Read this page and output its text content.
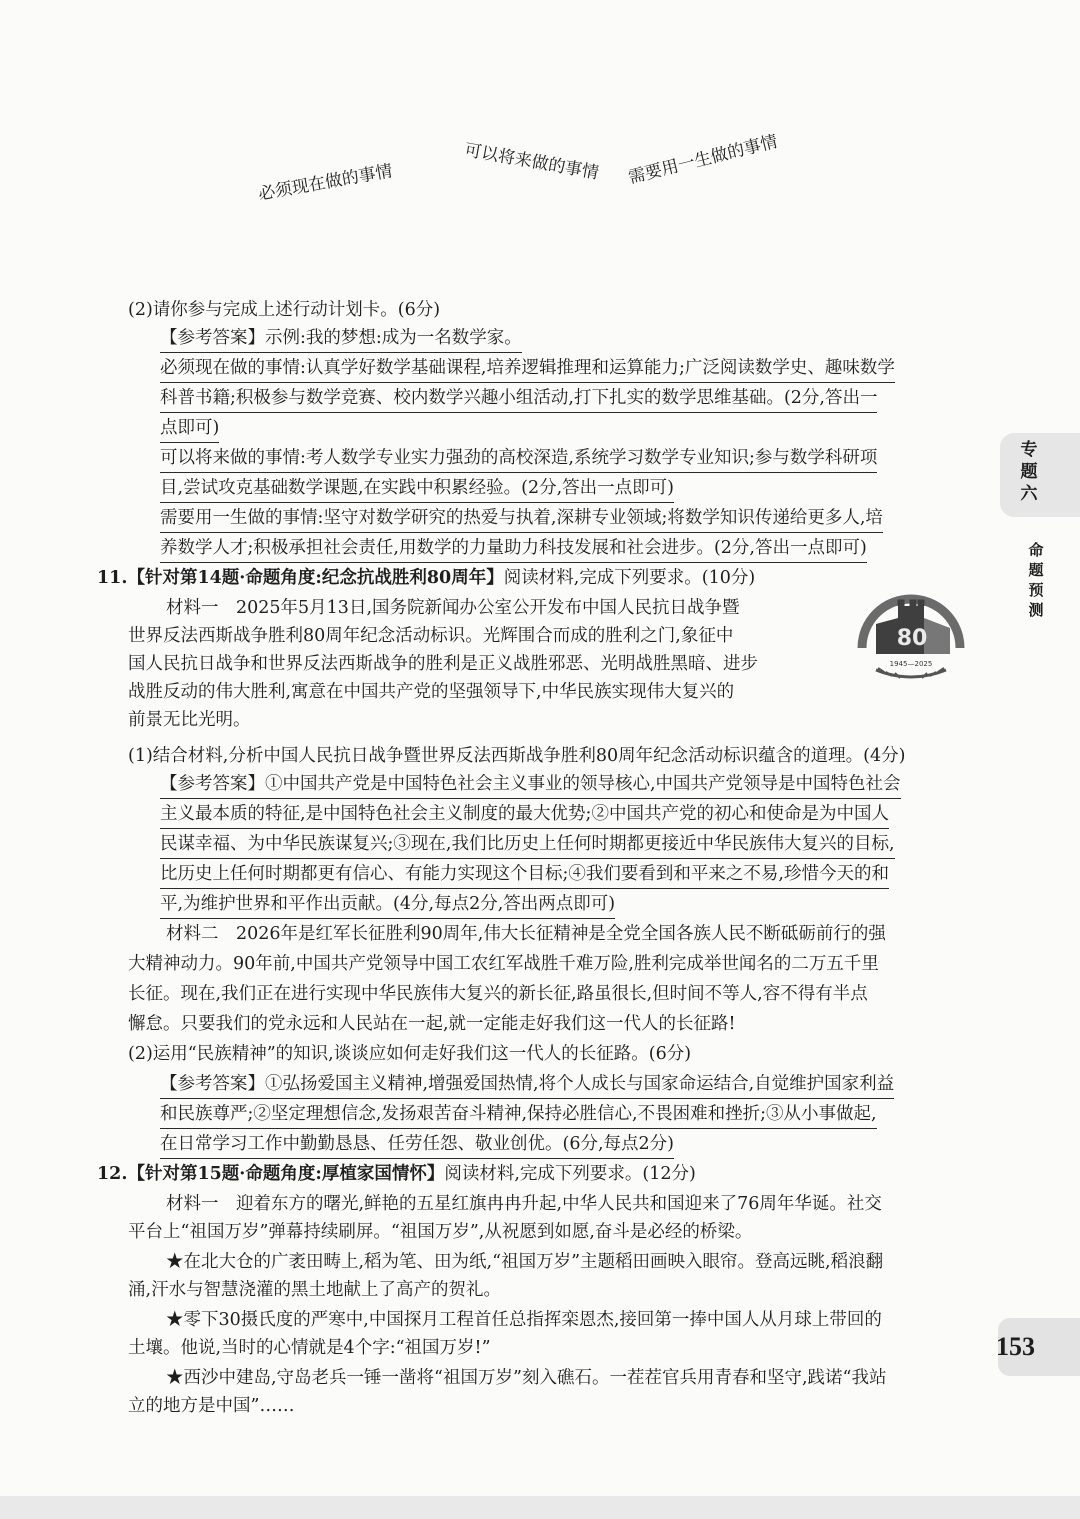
必须现在做的事情	可以将来做的事情 需要用一生做的事情
(2)请你参与完成上述行动计划卡。(6分)
【参考答案】示例:我的梦想:成为一名数学家。
必须现在做的事情:认真学好数学基础课程,培养逻辑推理和运算能力;广泛阅读数学史、趣味数学
科普书籍;积极参与数学竞赛、校内数学兴趣小组活动,打下扎实的数学思维基础。(2分,答出一
点即可)
可以将来做的事情:考人数学专业实力强劲的高校深造,系统学习数学专业知识;参与数学科研项
目,尝试攻克基础数学课题,在实践中积累经验。(2分,答出一点即可)
需要用一生做的事情:坚守对数学研究的热爱与执着,深耕专业领域;将数学知识传递给更多人,培
养数学人才;积极承担社会责任,用数学的力量助力科技发展和社会进步。(2分,答出一点即可)
11.【针对第14题·命题角度:纪念抗战胜利80周年】阅读材料,完成下列要求。(10分)
材料一　2025年5月13日,国务院新闻办公室公开发布中国人民抗日战争暨
世界反法西斯战争胜利80周年纪念活动标识。光辉围合而成的胜利之门,象征中
国人民抗日战争和世界反法西斯战争的胜利是正义战胜邪恶、光明战胜黑暗、进步
战胜反动的伟大胜利,寓意在中国共产党的坚强领导下,中华民族实现伟大复兴的
前景无比光明。
80
1945—2025
(1)结合材料,分析中国人民抗日战争暨世界反法西斯战争胜利80周年纪念活动标识蕴含的道理。(4分)
【参考答案】①中国共产党是中国特色社会主义事业的领导核心,中国共产党领导是中国特色社会
主义最本质的特征,是中国特色社会主义制度的最大优势;②中国共产党的初心和使命是为中国人
民谋幸福、为中华民族谋复兴;③现在,我们比历史上任何时期都更接近中华民族伟大复兴的目标,
比历史上任何时期都更有信心、有能力实现这个目标;④我们要看到和平来之不易,珍惜今天的和
平,为维护世界和平作出贡献。(4分,每点2分,答出两点即可)
材料二　2026年是红军长征胜利90周年,伟大长征精神是全党全国各族人民不断砥砺前行的强
大精神动力。90年前,中国共产党领导中国工农红军战胜千难万险,胜利完成举世闻名的二万五千里
长征。现在,我们正在进行实现中华民族伟大复兴的新长征,路虽很长,但时间不等人,容不得有半点
懈怠。只要我们的党永远和人民站在一起,就一定能走好我们这一代人的长征路!
(2)运用“民族精神”的知识,谈谈应如何走好我们这一代人的长征路。(6分)
【参考答案】①弘扬爱国主义精神,增强爱国热情,将个人成长与国家命运结合,自觉维护国家利益
和民族尊严;②坚定理想信念,发扬艰苦奋斗精神,保持必胜信心,不畏困难和挫折;③从小事做起,
在日常学习工作中勤勤恳恳、任劳任怨、敬业创优。(6分,每点2分)
12.【针对第15题·命题角度:厚植家国情怀】阅读材料,完成下列要求。(12分)
材料一　迎着东方的曙光,鲜艳的五星红旗冉冉升起,中华人民共和国迎来了76周年华诞。社交
平台上“祖国万岁”弹幕持续刷屏。“祖国万岁”,从祝愿到如愿,奋斗是必经的桥梁。
★在北大仓的广袤田畴上,稻为笔、田为纸,“祖国万岁”主题稻田画映入眼帘。登高远眺,稻浪翻
涌,汗水与智慧浇灌的黑土地献上了高产的贺礼。
★零下30摄氏度的严寒中,中国探月工程首任总指挥栾恩杰,接回第一捧中国人从月球上带回的
土壤。他说,当时的心情就是4个字:“祖国万岁!”
★西沙中建岛,守岛老兵一锤一凿将“祖国万岁”刻入礁石。一茬茬官兵用青春和坚守,践诺“我站
立的地方是中国”……
专
题
六
命
题
预
测
153
